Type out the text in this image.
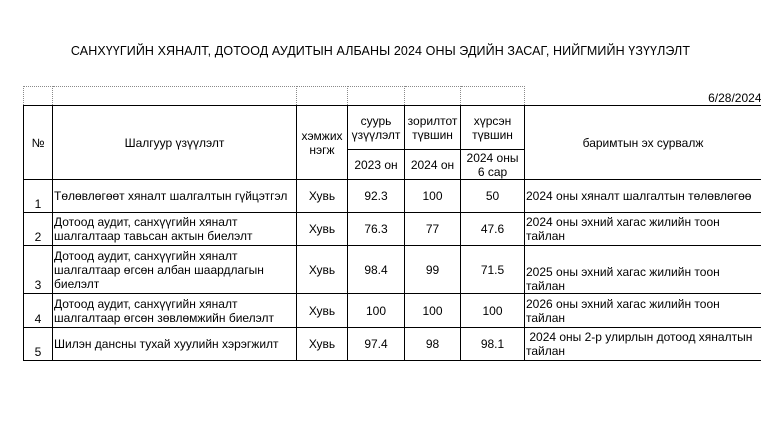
САНХҮҮГИЙН ХЯНАЛТ, ДОТООД АУДИТЫН АЛБАНЫ 2024 ОНЫ ЭДИЙН ЗАСАГ, НИЙГМИЙН ҮЗҮҮЛЭЛТ
						6/28/2024
№	Шалгуур үзүүлэлт	хэмжих нэгж	суурь үзүүлэлт	зорилтот түвшин	хүрсэн түвшин	баримтын эх сурвалж
			2023 он	2024 он	2024 оны 6 сар	
1	Төлөвлөгөөт хяналт шалгалтын гүйцэтгэл	Хувь	92.3	100	50	2024 оны хяналт шалгалтын төлөвлөгөө
2	Дотоод аудит, санхүүгийн хяналт шалгалтаар тавьсан актын биелэлт	Хувь	76.3	77	47.6	2024 оны эхний хагас жилийн тоон тайлан
3	Дотоод аудит, санхүүгийн хяналт шалгалтаар өгсөн албан шаардлагын биелэлт	Хувь	98.4	99	71.5	2025 оны эхний хагас жилийн тоон тайлан
4	Дотоод аудит, санхүүгийн хяналт шалгалтаар өгсөн зөвлөмжийн биелэлт	Хувь	100	100	100	2026 оны эхний хагас жилийн тоон тайлан
5	Шилэн дансны тухай хуулийн хэрэгжилт	Хувь	97.4	98	98.1	2024 оны 2-р улирлын дотоод хяналтын тайлан
